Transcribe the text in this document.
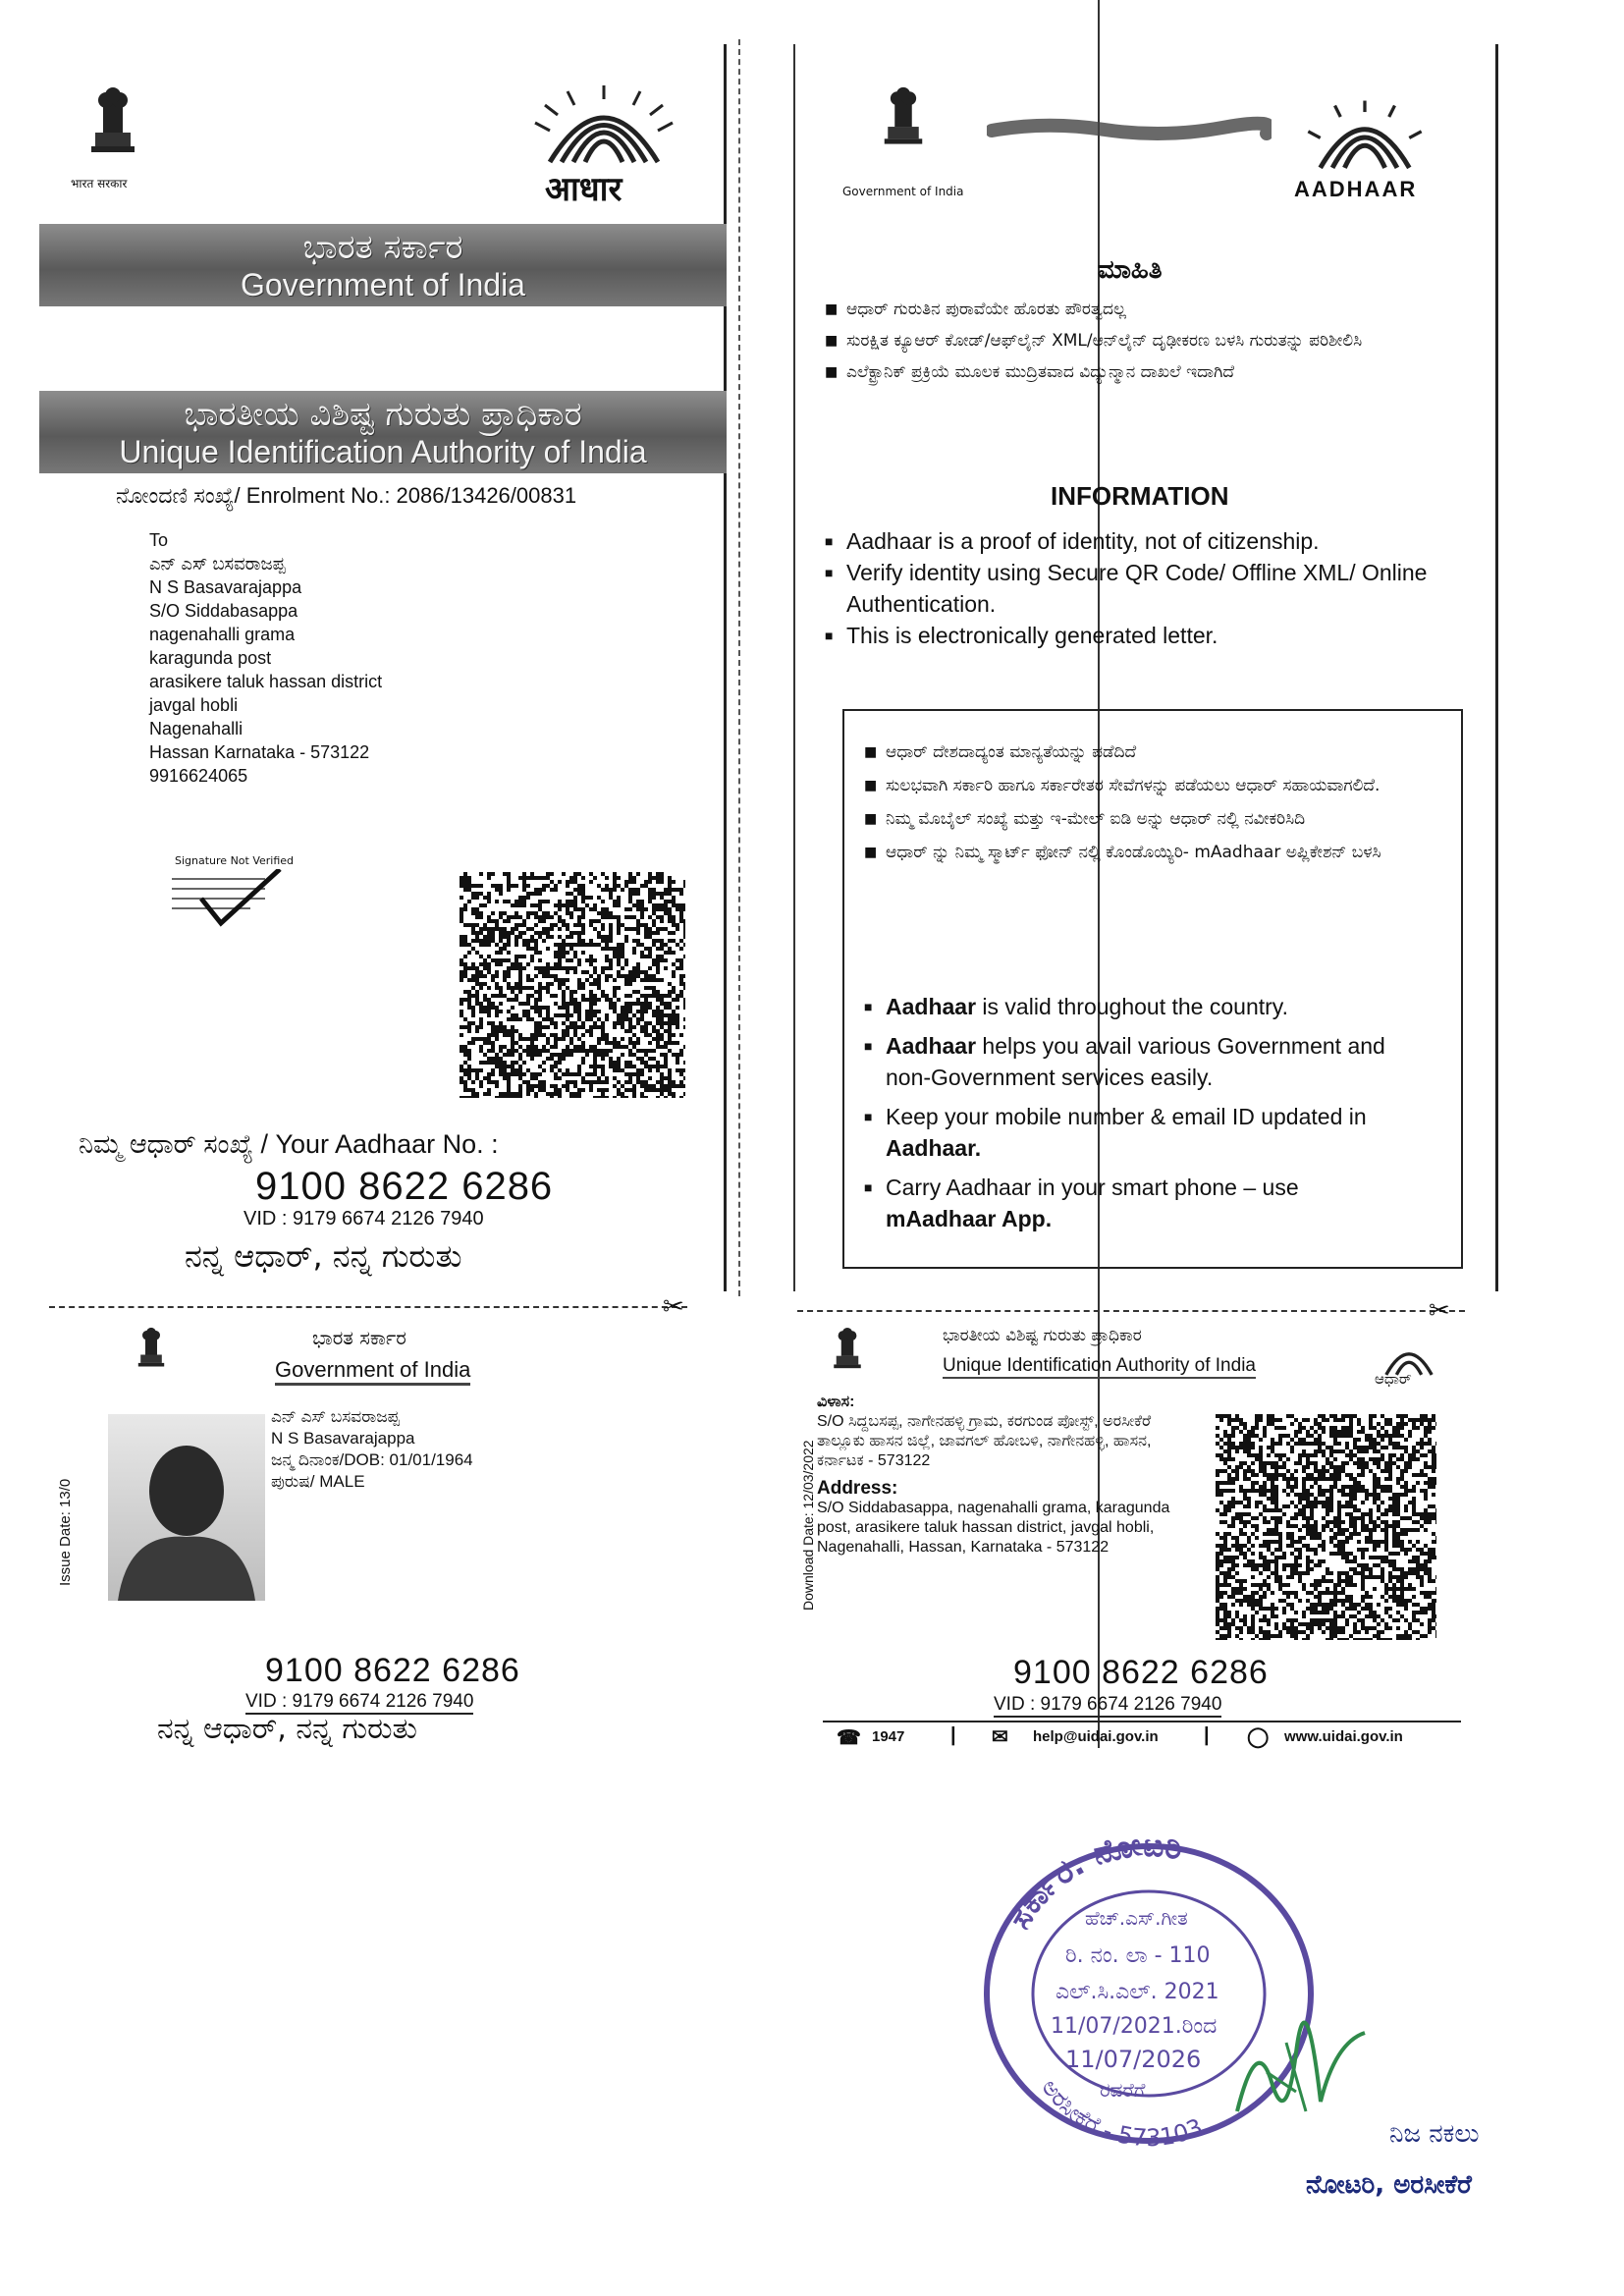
भारत सरकार	आधार
ಭಾರತ ಸರ್ಕಾರ
Government of India
ಭಾರತೀಯ ವಿಶಿಷ್ಟ ಗುರುತು ಪ್ರಾಧಿಕಾರ
Unique Identification Authority of India
ನೋಂದಣಿ ಸಂಖ್ಯೆ/ Enrolment No.: 2086/13426/00831
To
ಎನ್ ಎಸ್ ಬಸವರಾಜಪ್ಪ
N S Basavarajappa
S/O Siddabasappa
nagenahalli grama
karagunda post
arasikere taluk hassan district
javgal hobli
Nagenahalli
Hassan Karnataka - 573122
9916624065
Signature Not Verified
ನಿಮ್ಮ ಆಧಾರ್ ಸಂಖ್ಯೆ / Your Aadhaar No. :
9100 8622 6286
VID : 9179 6674 2126 7940
ನನ್ನ ಆಧಾರ್, ನನ್ನ ಗುರುತು
Government of India	AADHAAR
ಮಾಹಿತಿ
■ ಆಧಾರ್ ಗುರುತಿನ ಪುರಾವೆಯೇ ಹೊರತು ಪೌರತ್ವದಲ್ಲ
■ ಸುರಕ್ಷಿತ ಕ್ಯೂಆರ್ ಕೋಡ್/ಆಫ್‌ಲೈನ್ XML/ಆನ್‌ಲೈನ್ ದೃಢೀಕರಣ ಬಳಸಿ ಗುರುತನ್ನು ಪರಿಶೀಲಿಸಿ
■ ಎಲೆಕ್ಟ್ರಾನಿಕ್ ಪ್ರಕ್ರಿಯೆ ಮೂಲಕ ಮುದ್ರಿತವಾದ ವಿದ್ಯುನ್ಮಾನ ದಾಖಲೆ ಇದಾಗಿದೆ
INFORMATION
■ Aadhaar is a proof of identity, not of citizenship.
■ Verify identity using Secure QR Code/ Offline XML/ Online Authentication.
■ This is electronically generated letter.
■ ಆಧಾರ್ ದೇಶದಾದ್ಯಂತ ಮಾನ್ಯತೆಯನ್ನು ಪಡೆದಿದೆ
■ ಸುಲಭವಾಗಿ ಸರ್ಕಾರಿ ಹಾಗೂ ಸರ್ಕಾರೇತರ ಸೇವೆಗಳನ್ನು ಪಡೆಯಲು ಆಧಾರ್ ಸಹಾಯವಾಗಲಿದೆ.
■ ನಿಮ್ಮ ಮೊಬೈಲ್ ಸಂಖ್ಯೆ ಮತ್ತು ಇ-ಮೇಲ್ ಐಡಿ ಅನ್ನು ಆಧಾರ್ ನಲ್ಲಿ ನವೀಕರಿಸಿದಿ
■ ಆಧಾರ್ ನ್ನು ನಿಮ್ಮ ಸ್ಮಾರ್ಟ್ ಫೋನ್ ನಲ್ಲಿ ಕೊಂಡೊಯ್ಯಿರಿ- mAadhaar ಅಪ್ಲಿಕೇಶನ್ ಬಳಸಿ
■ Aadhaar is valid throughout the country.
■ Aadhaar helps you avail various Government and non-Government services easily.
■ Keep your mobile number & email ID updated in Aadhaar.
■ Carry Aadhaar in your smart phone – use mAadhaar App.
✂	✂
ಭಾರತ ಸರ್ಕಾರ
Government of India
Issue Date: 13/0
ಎನ್ ಎಸ್ ಬಸವರಾಜಪ್ಪ
N S Basavarajappa
ಜನ್ಮ ದಿನಾಂಕ/DOB: 01/01/1964
ಪುರುಷ/ MALE
9100 8622 6286
VID : 9179 6674 2126 7940
ನನ್ನ ಆಧಾರ್, ನನ್ನ ಗುರುತು
ಭಾರತೀಯ ವಿಶಿಷ್ಟ ಗುರುತು ಪ್ರಾಧಿಕಾರ
Unique Identification Authority of India
ಆಧಾರ್
Download Date: 12/03/2022
ವಿಳಾಸ:
S/O ಸಿದ್ದಬಸಪ್ಪ, ನಾಗೇನಹಳ್ಳಿ ಗ್ರಾಮ, ಕರಗುಂಡ ಪೋಸ್ಟ್, ಅರಸೀಕೆರೆ ತಾಲ್ಲೂಕು ಹಾಸನ ಜಿಲ್ಲೆ, ಜಾವಗಲ್ ಹೋಬಳಿ, ನಾಗೇನಹಳ್ಳಿ, ಹಾಸನ, ಕರ್ನಾಟಕ - 573122
Address:
S/O Siddabasappa, nagenahalli grama, karagunda post, arasikere taluk hassan district, javgal hobli, Nagenahalli, Hassan, Karnataka - 573122
9100 8622 6286
VID : 9179 6674 2126 7940
☎ 1947 | ✉ help@uidai.gov.in | ◯ www.uidai.gov.in
ಸರ್ಕಾರ. ನೋಟರಿ
ಅರಸೀಕೆರೆ - 573103
ಹೆಚ್.ಎಸ್.ಗೀತ
ರಿ. ನಂ. ಲಾ - 110
ಎಲ್.ಸಿ.ಎಲ್. 2021
11/07/2021.ರಿಂದ
11/07/2026
ರವರೆಗೆ
ನಿಜ ನಕಲು
ನೋಟರಿ, ಅರಸೀಕೆರೆ
